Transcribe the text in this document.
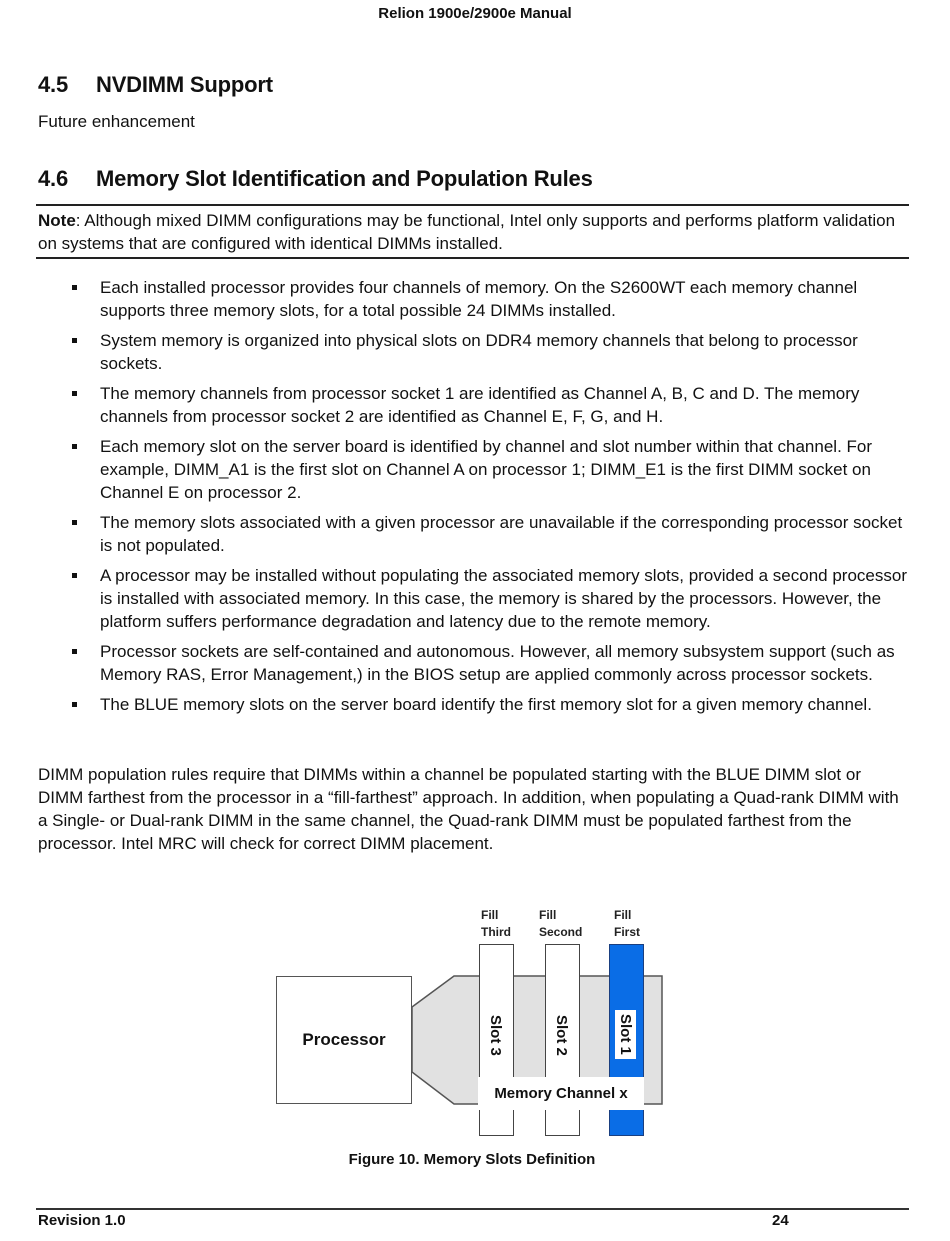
Relion 1900e/2900e Manual
4.5 NVDIMM Support

Future enhancement

4.6 Memory Slot Identification and Population Rules
Note: Although mixed DIMM configurations may be functional, Intel only supports and performs platform validation on systems that are configured with identical DIMMs installed.
Each installed processor provides four channels of memory. On the S2600WT each memory channel supports three memory slots, for a total possible 24 DIMMs installed.
System memory is organized into physical slots on DDR4 memory channels that belong to processor sockets.
The memory channels from processor socket 1 are identified as Channel A, B, C and D. The memory channels from processor socket 2 are identified as Channel E, F, G, and H.
Each memory slot on the server board is identified by channel and slot number within that channel. For example, DIMM_A1 is the first slot on Channel A on processor 1; DIMM_E1 is the first DIMM socket on Channel E on processor 2.
The memory slots associated with a given processor are unavailable if the corresponding processor socket is not populated.
A processor may be installed without populating the associated memory slots, provided a second processor is installed with associated memory. In this case, the memory is shared by the processors. However, the platform suffers performance degradation and latency due to the remote memory.
Processor sockets are self-contained and autonomous. However, all memory subsystem support (such as Memory RAS, Error Management,) in the BIOS setup are applied commonly across processor sockets.
The BLUE memory slots on the server board identify the first memory slot for a given memory channel.

DIMM population rules require that DIMMs within a channel be populated starting with the BLUE DIMM slot or DIMM farthest from the processor in a “fill-farthest” approach. In addition, when populating a Quad-rank DIMM with a Single- or Dual-rank DIMM in the same channel, the Quad-rank DIMM must be populated farthest from the processor. Intel MRC will check for correct DIMM placement.

Processor
Fill
Third
Fill
Second
Fill
First
Slot 3	Slot 2	Slot 1
Memory Channel x
Figure 10. Memory Slots Definition
Revision 1.0	24
